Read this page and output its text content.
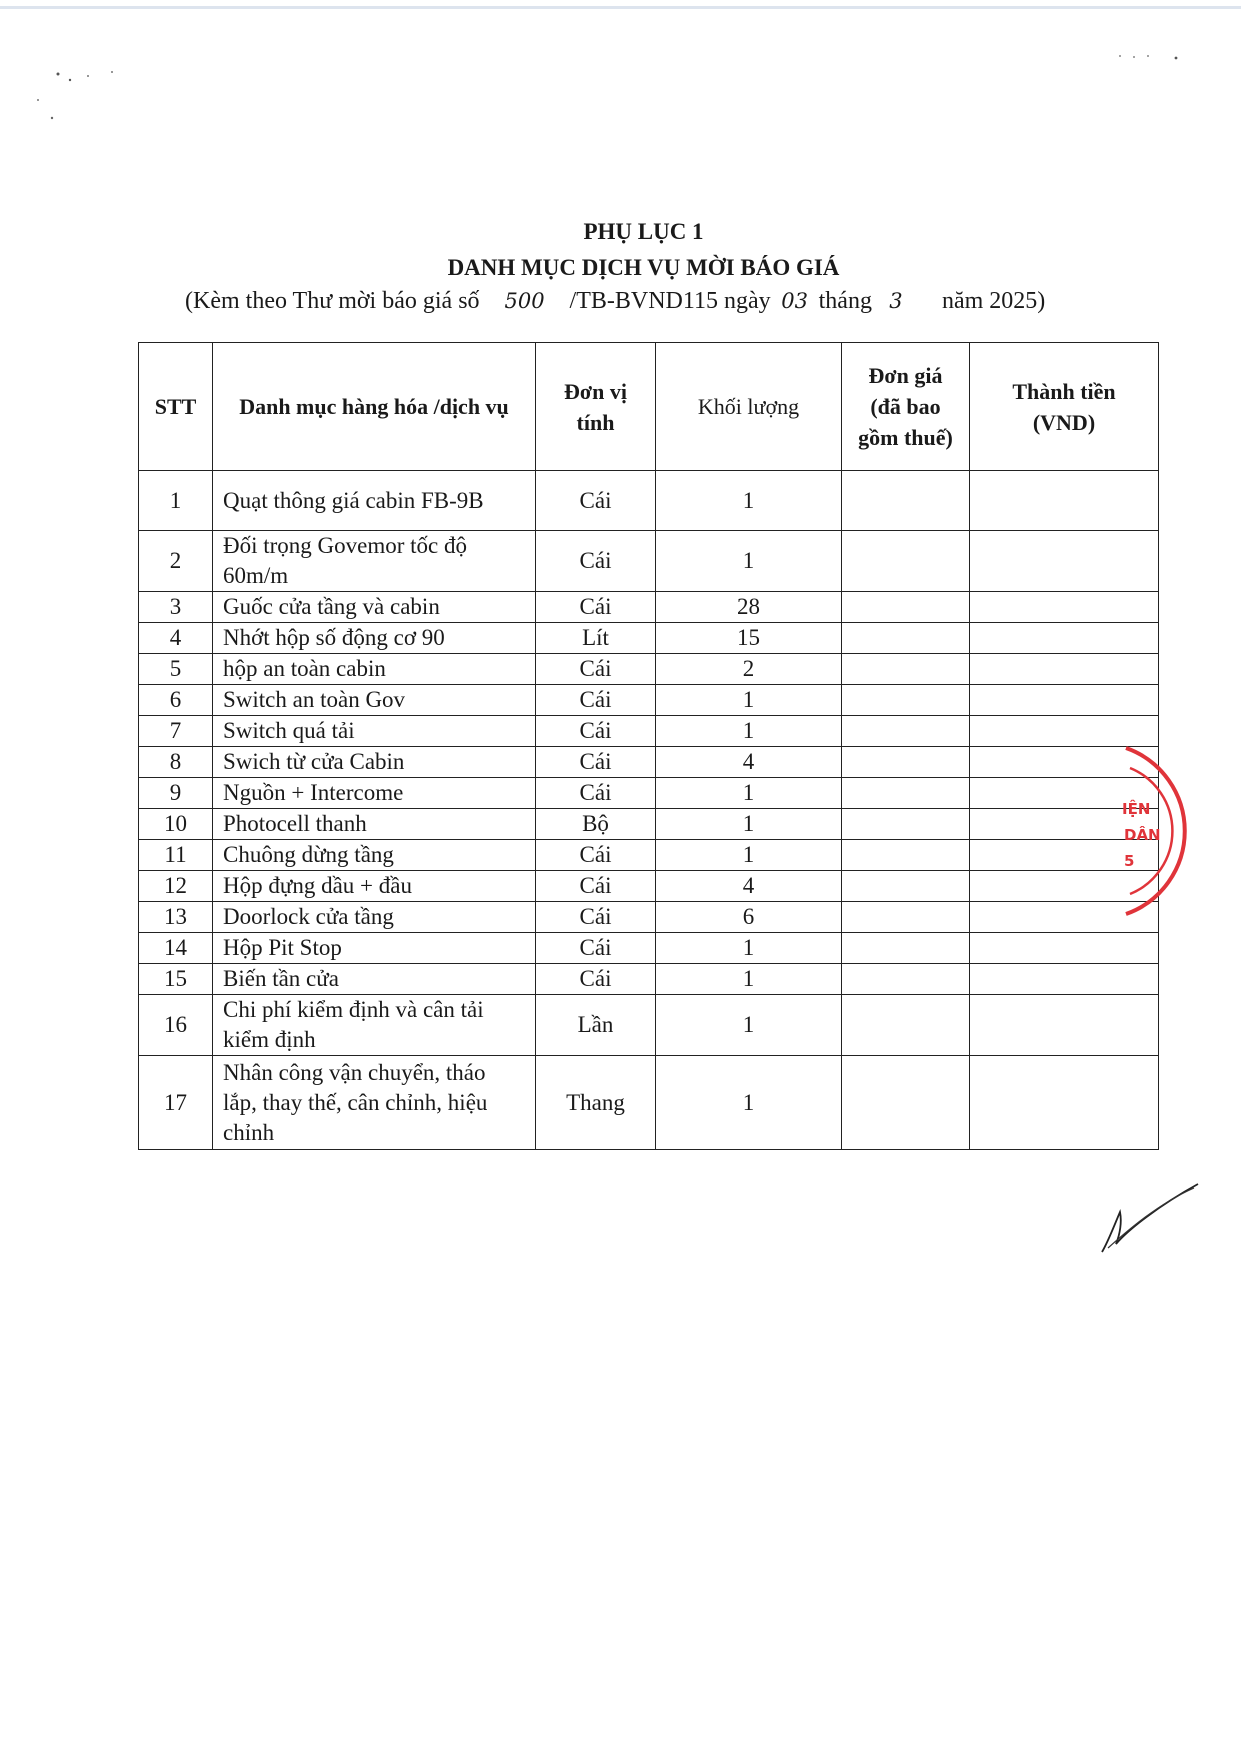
PHỤ LỤC 1
DANH MỤC DỊCH VỤ MỜI BÁO GIÁ
(Kèm theo Thư mời báo giá số 500 /TB-BVND115 ngày 03 tháng 3 năm 2025)
STT	Danh mục hàng hóa /dịch vụ	Đơn vị tính	Khối lượng	Đơn giá (đã bao gồm thuế)	Thành tiền (VND)
1	Quạt thông giá cabin FB-9B	Cái	1		
2	Đối trọng Govemor tốc độ 60m/m	Cái	1		
3	Guốc cửa tầng và cabin	Cái	28		
4	Nhớt hộp số động cơ 90	Lít	15		
5	hộp an toàn cabin	Cái	2		
6	Switch an toàn Gov	Cái	1		
7	Switch quá tải	Cái	1		
8	Swich từ cửa Cabin	Cái	4		
9	Nguồn + Intercome	Cái	1		
10	Photocell thanh	Bộ	1		
11	Chuông dừng tầng	Cái	1		
12	Hộp đựng dầu + đầu	Cái	4		
13	Doorlock cửa tầng	Cái	6		
14	Hộp Pit Stop	Cái	1		
15	Biến tần cửa	Cái	1		
16	Chi phí kiểm định và cân tải kiểm định	Lần	1		
17	Nhân công vận chuyển, tháo lắp, thay thế, cân chỉnh, hiệu chỉnh	Thang	1		
IỆN
DÂN
5
